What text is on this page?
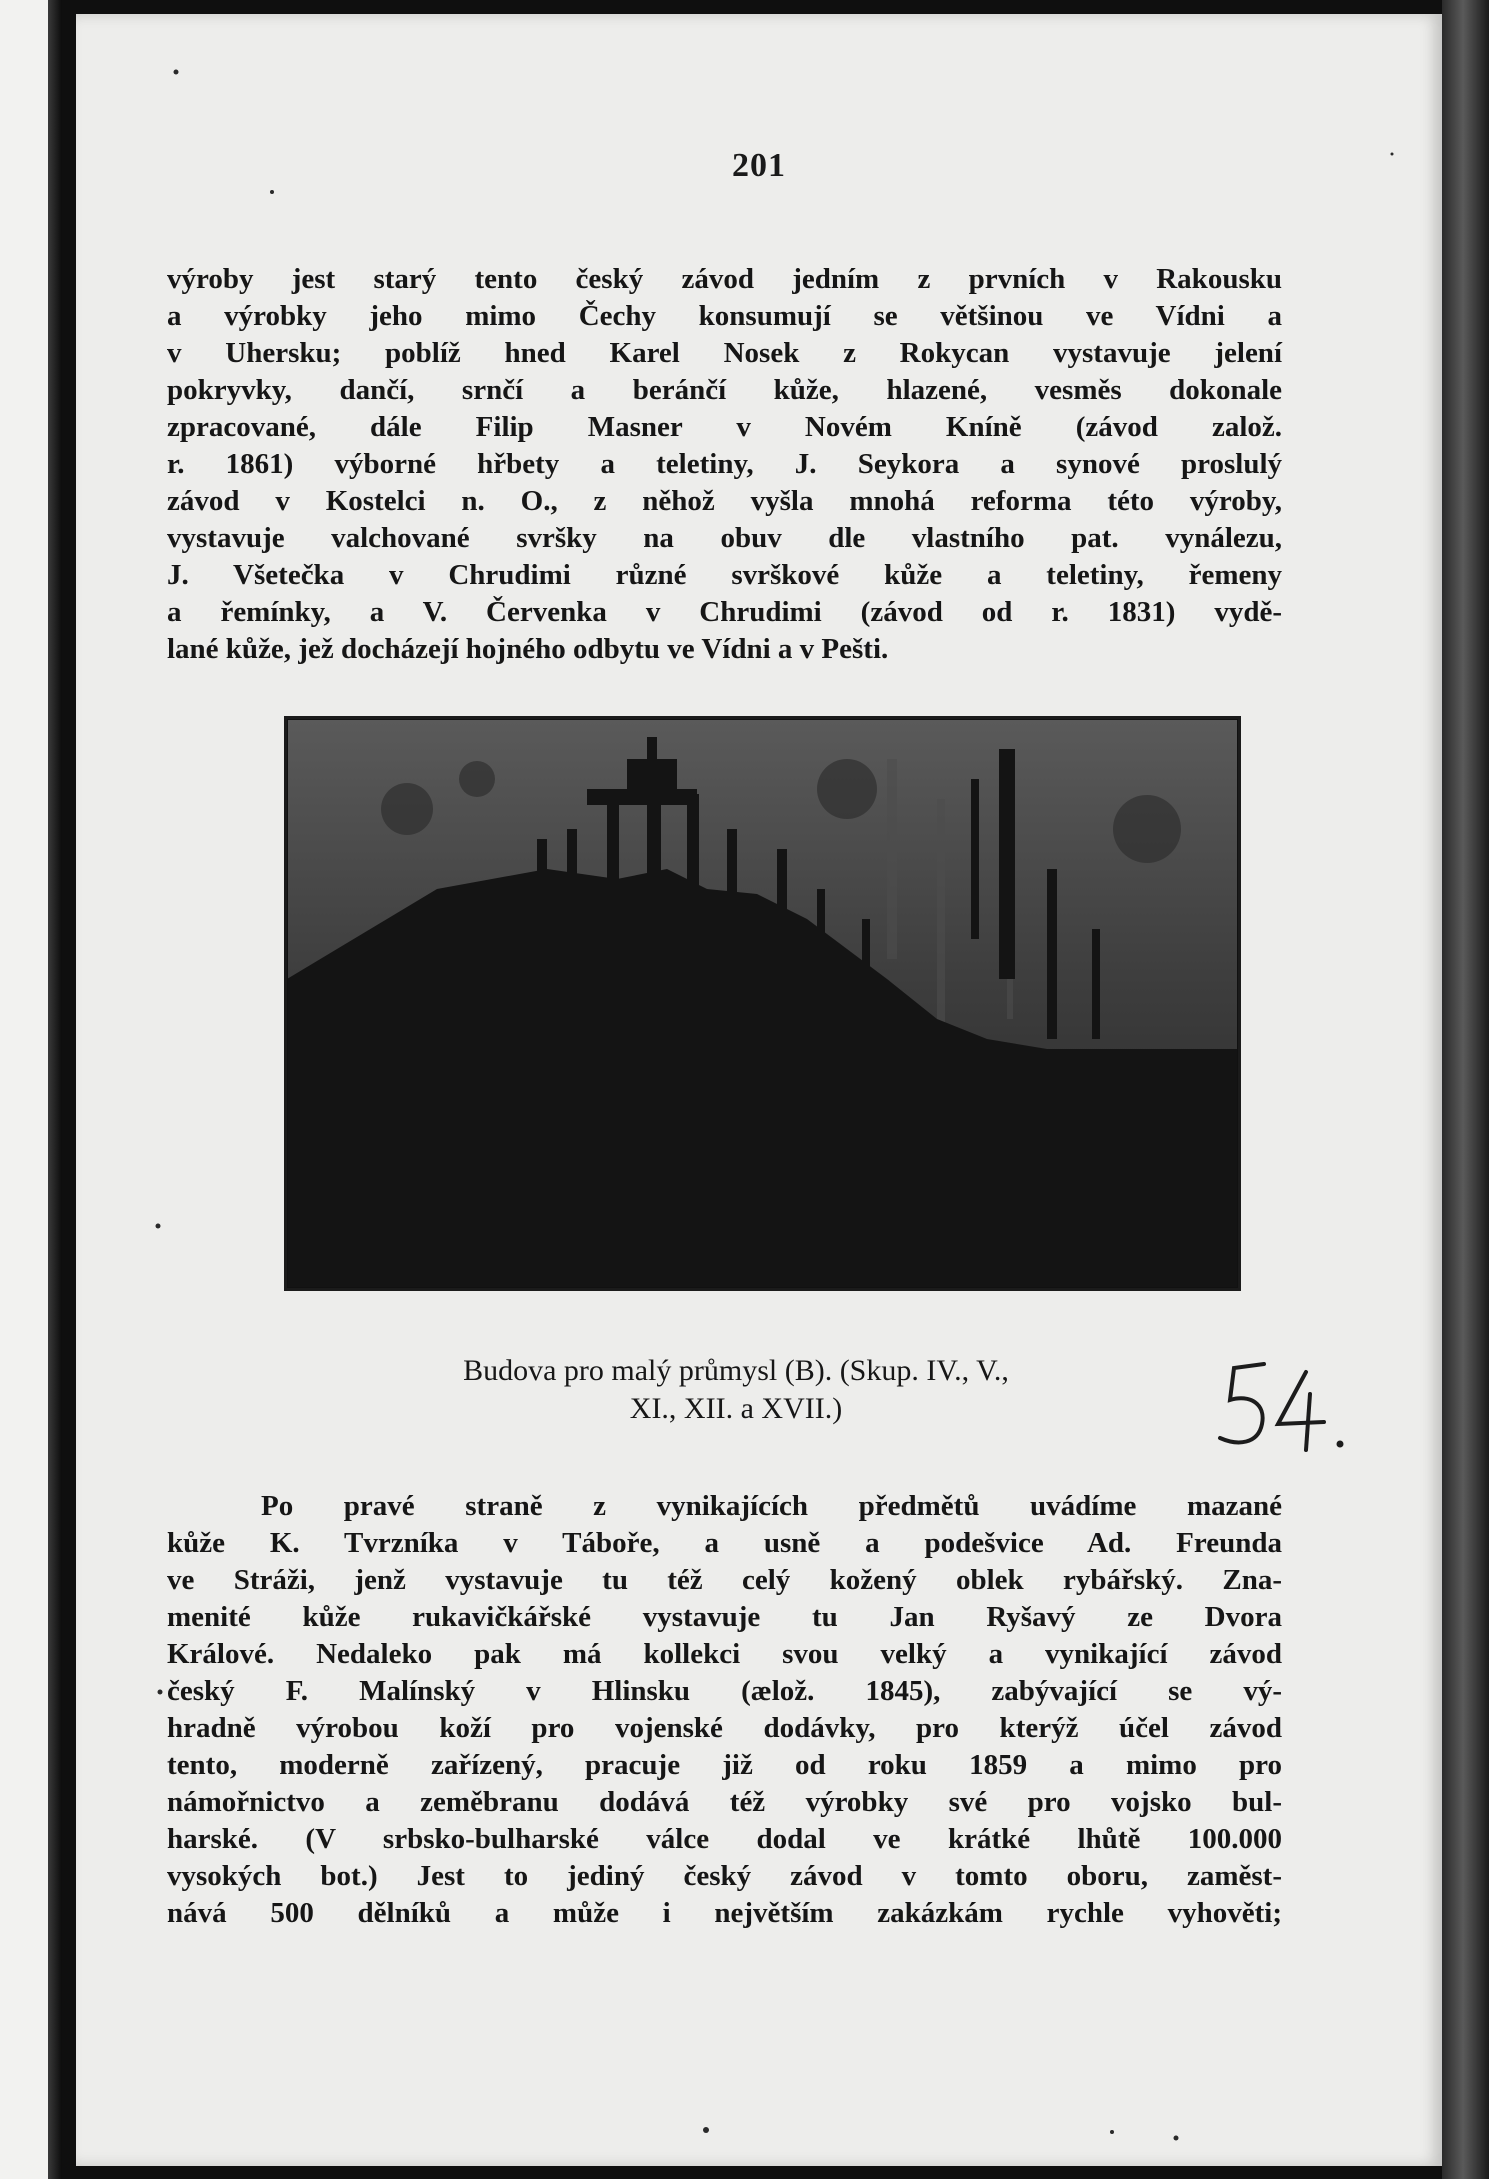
201
výroby jest starý tento český závod jedním z prvních v Rakousku
a výrobky jeho mimo Čechy konsumují se většinou ve Vídni a
v Uhersku; poblíž hned Karel Nosek z Rokycan vystavuje jelení
pokryvky, dančí, srnčí a beránčí kůže, hlazené, vesměs dokonale
zpracované, dále Filip Masner v Novém Kníně (závod založ.
r. 1861) výborné hřbety a teletiny, J. Seykora a synové proslulý
závod v Kostelci n. O., z něhož vyšla mnohá reforma této výroby,
vystavuje valchované svršky na obuv dle vlastního pat. vynálezu,
J. Všetečka v Chrudimi různé svrškové kůže a teletiny, řemeny
a řemínky, a V. Červenka v Chrudimi (závod od r. 1831) vydě-
lané kůže, jež docházejí hojného odbytu ve Vídni a v Pešti.
Budova pro malý průmysl (B). (Skup. IV., V.,
XI., XII. a XVII.)
Po pravé straně z vynikajících předmětů uvádíme mazané
kůže K. Tvrzníka v Táboře, a usně a podešvice Ad. Freunda
ve Stráži, jenž vystavuje tu též celý kožený oblek rybářský. Zna-
menité kůže rukavičkářské vystavuje tu Jan Ryšavý ze Dvora
Králové. Nedaleko pak má kollekci svou velký a vynikající závod
český F. Malínský v Hlinsku (ælož. 1845), zabývající se vý-
hradně výrobou koží pro vojenské dodávky, pro kterýž účel závod
tento, moderně zařízený, pracuje již od roku 1859 a mimo pro
námořnictvo a zeměbranu dodává též výrobky své pro vojsko bul-
harské. (V srbsko-bulharské válce dodal ve krátké lhůtě 100.000
vysokých bot.) Jest to jediný český závod v tomto oboru, zaměst-
nává 500 dělníků a může i největším zakázkám rychle vyhověti;
